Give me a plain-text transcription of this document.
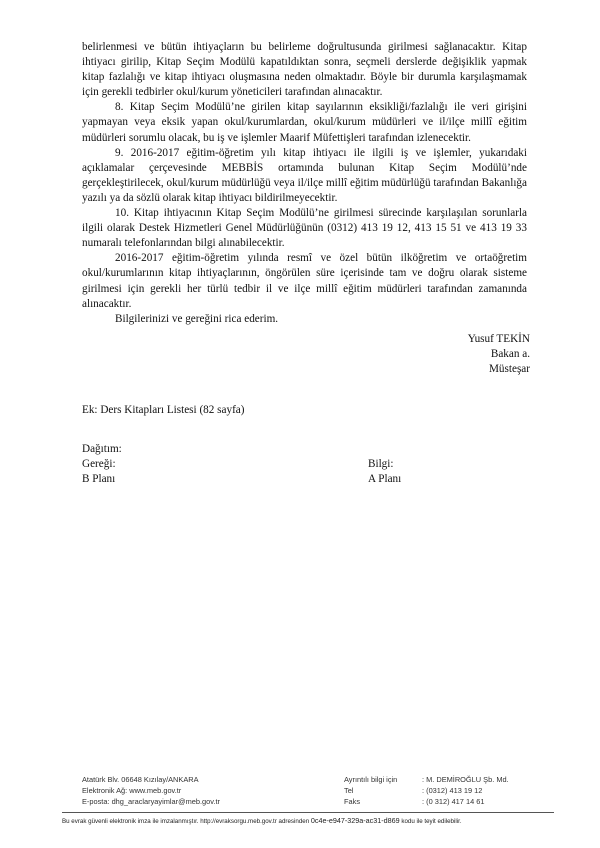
belirlenmesi ve bütün ihtiyaçların bu belirleme doğrultusunda girilmesi sağlanacaktır. Kitap ihtiyacı girilip, Kitap Seçim Modülü kapatıldıktan sonra, seçmeli derslerde değişiklik yapmak kitap fazlalığı ve kitap ihtiyacı oluşmasına neden olmaktadır. Böyle bir durumla karşılaşmamak için gerekli tedbirler okul/kurum yöneticileri tarafından alınacaktır.

8. Kitap Seçim Modülü’ne girilen kitap sayılarının eksikliği/fazlalığı ile veri girişini yapmayan veya eksik yapan okul/kurumlardan, okul/kurum müdürleri ve il/ilçe millî eğitim müdürleri sorumlu olacak, bu iş ve işlemler Maarif Müfettişleri tarafından izlenecektir.

9. 2016-2017 eğitim-öğretim yılı kitap ihtiyacı ile ilgili iş ve işlemler, yukarıdaki açıklamalar çerçevesinde MEBBİS ortamında bulunan Kitap Seçim Modülü’nde gerçekleştirilecek, okul/kurum müdürlüğü veya il/ilçe millî eğitim müdürlüğü tarafından Bakanlığa yazılı ya da sözlü olarak kitap ihtiyacı bildirilmeyecektir.

10. Kitap ihtiyacının Kitap Seçim Modülü’ne girilmesi sürecinde karşılaşılan sorunlarla ilgili olarak Destek Hizmetleri Genel Müdürlüğünün (0312) 413 19 12, 413 15 51 ve 413 19 33 numaralı telefonlarından bilgi alınabilecektir.

2016-2017 eğitim-öğretim yılında resmî ve özel bütün ilköğretim ve ortaöğretim okul/kurumlarının kitap ihtiyaçlarının, öngörülen süre içerisinde tam ve doğru olarak sisteme girilmesi için gerekli her türlü tedbir il ve ilçe millî eğitim müdürleri tarafından zamanında alınacaktır.

Bilgilerinizi ve gereğini rica ederim.

Yusuf TEKİN
Bakan a.
Müsteşar
Ek: Ders Kitapları Listesi (82 sayfa)
Dağıtım:
Gereği:
B Planı
Bilgi:
A Planı
Atatürk Blv. 06648 Kızılay/ANKARA
Elektronik Ağ: www.meb.gov.tr
E-posta: dhg_araclaryayimlar@meb.gov.tr
Ayrıntılı bilgi için	: M. DEMİROĞLU Şb. Md.
Tel	: (0312) 413 19 12
Faks	: (0 312) 417 14 61
Bu evrak güvenli elektronik imza ile imzalanmıştır. http://evraksorgu.meb.gov.tr adresinden 0c4e-e947-329a-ac31-d869 kodu ile teyit edilebilir.
